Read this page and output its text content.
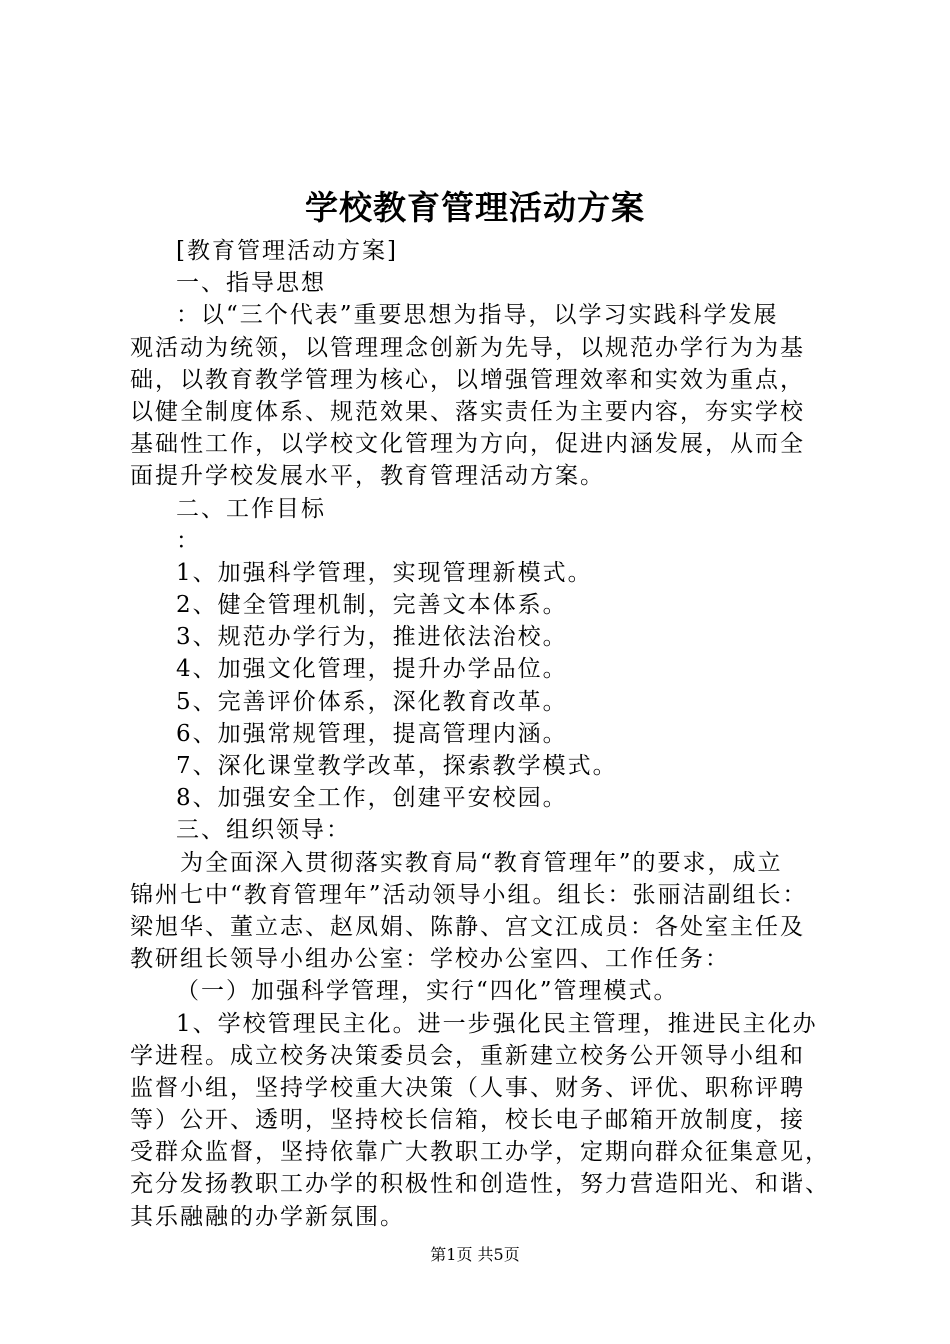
学校教育管理活动方案
[教育管理活动方案]
一、指导思想
：以“三个代表”重要思想为指导，以学习实践科学发展
观活动为统领，以管理理念创新为先导，以规范办学行为为基
础，以教育教学管理为核心，以增强管理效率和实效为重点，
以健全制度体系、规范效果、落实责任为主要内容，夯实学校
基础性工作，以学校文化管理为方向，促进内涵发展，从而全
面提升学校发展水平，教育管理活动方案。
二、工作目标
：
1、加强科学管理，实现管理新模式。
2、健全管理机制，完善文本体系。
3、规范办学行为，推进依法治校。
4、加强文化管理，提升办学品位。
5、完善评价体系，深化教育改革。
6、加强常规管理，提高管理内涵。
7、深化课堂教学改革，探索教学模式。
8、加强安全工作，创建平安校园。
三、组织领导：
为全面深入贯彻落实教育局“教育管理年”的要求，成立
锦州七中“教育管理年”活动领导小组。组长：张丽洁副组长：
梁旭华、董立志、赵凤娟、陈静、宫文江成员：各处室主任及
教研组长领导小组办公室：学校办公室四、工作任务：
（一）加强科学管理，实行“四化”管理模式。
1、学校管理民主化。进一步强化民主管理，推进民主化办
学进程。成立校务决策委员会，重新建立校务公开领导小组和
监督小组，坚持学校重大决策（人事、财务、评优、职称评聘
等）公开、透明，坚持校长信箱，校长电子邮箱开放制度，接
受群众监督，坚持依靠广大教职工办学，定期向群众征集意见，
充分发扬教职工办学的积极性和创造性，努力营造阳光、和谐、
其乐融融的办学新氛围。
第1页 共5页
